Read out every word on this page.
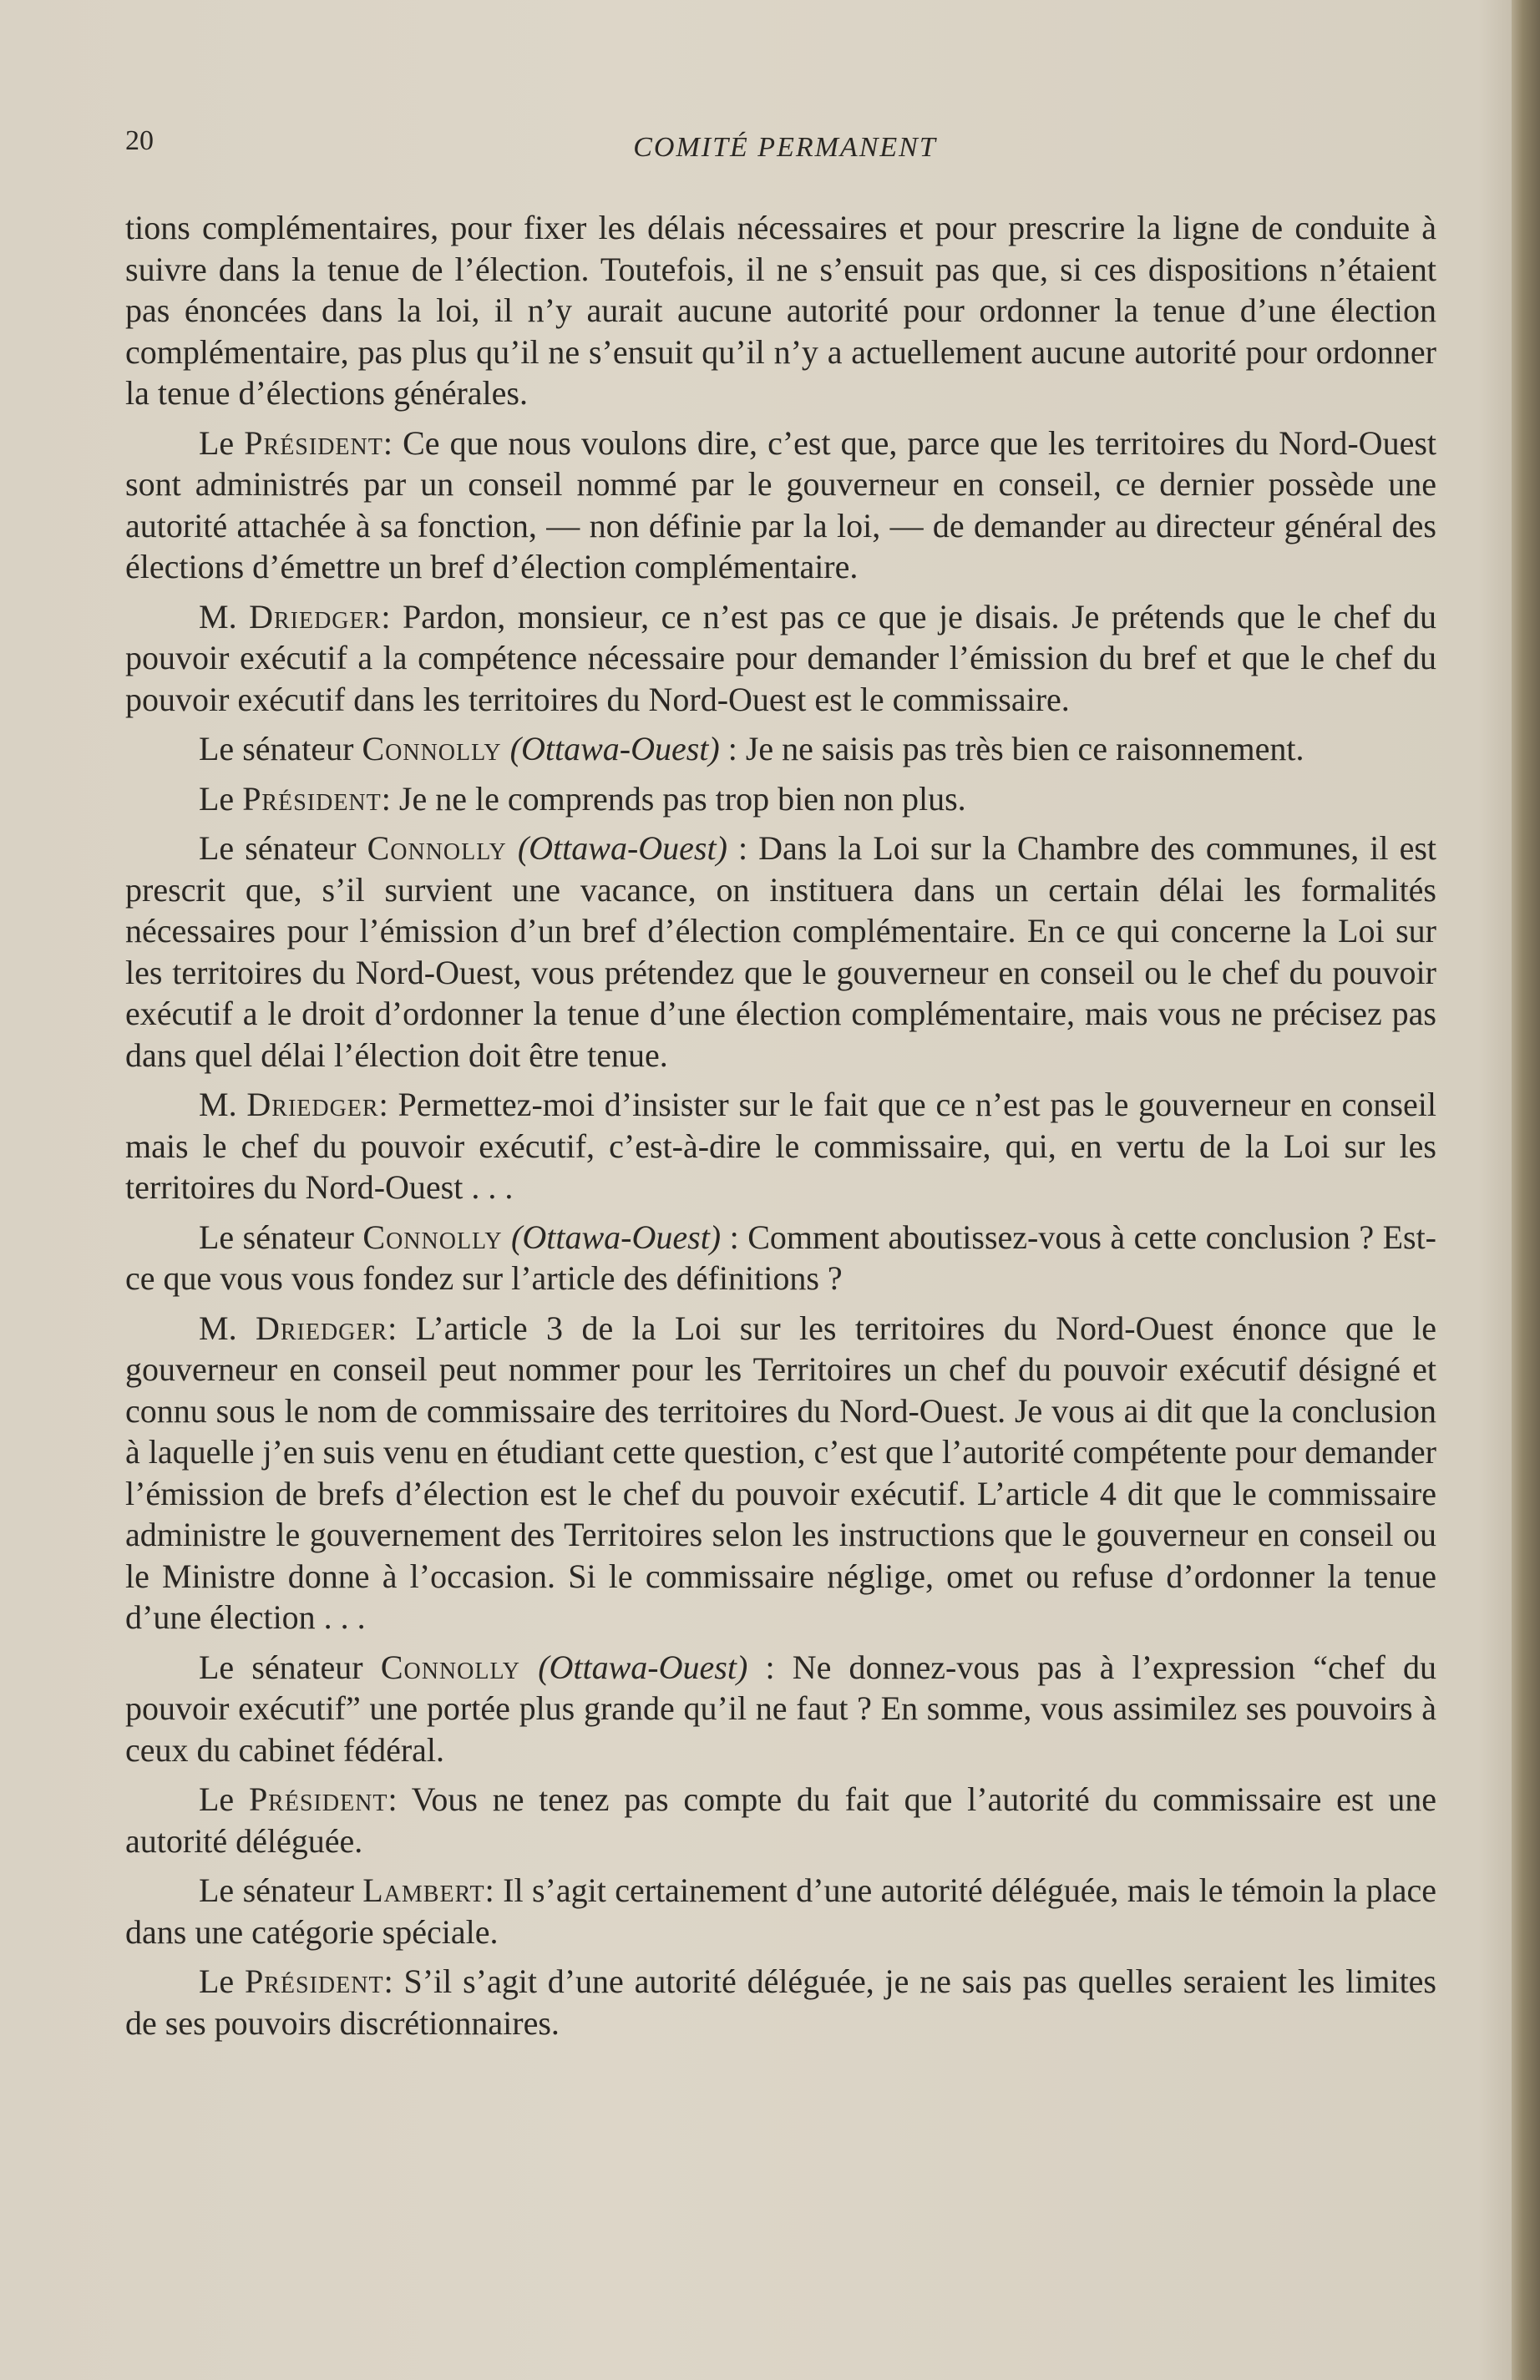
20	COMITÉ PERMANENT

tions complémentaires, pour fixer les délais nécessaires et pour prescrire la ligne de conduite à suivre dans la tenue de l’élection. Toutefois, il ne s’ensuit pas que, si ces dispositions n’étaient pas énoncées dans la loi, il n’y aurait aucune autorité pour ordonner la tenue d’une élection complémentaire, pas plus qu’il ne s’ensuit qu’il n’y a actuellement aucune autorité pour ordonner la tenue d’élections générales.

Le Président: Ce que nous voulons dire, c’est que, parce que les territoires du Nord-Ouest sont administrés par un conseil nommé par le gouverneur en conseil, ce dernier possède une autorité attachée à sa fonction, — non définie par la loi, — de demander au directeur général des élections d’émettre un bref d’élection complémentaire.

M. Driedger: Pardon, monsieur, ce n’est pas ce que je disais. Je prétends que le chef du pouvoir exécutif a la compétence nécessaire pour demander l’émission du bref et que le chef du pouvoir exécutif dans les territoires du Nord-Ouest est le commissaire.

Le sénateur Connolly (Ottawa-Ouest) : Je ne saisis pas très bien ce raisonnement.

Le Président: Je ne le comprends pas trop bien non plus.

Le sénateur Connolly (Ottawa-Ouest) : Dans la Loi sur la Chambre des communes, il est prescrit que, s’il survient une vacance, on instituera dans un certain délai les formalités nécessaires pour l’émission d’un bref d’élection complémentaire. En ce qui concerne la Loi sur les territoires du Nord-Ouest, vous prétendez que le gouverneur en conseil ou le chef du pouvoir exécutif a le droit d’ordonner la tenue d’une élection complémentaire, mais vous ne précisez pas dans quel délai l’élection doit être tenue.

M. Driedger: Permettez-moi d’insister sur le fait que ce n’est pas le gouverneur en conseil mais le chef du pouvoir exécutif, c’est-à-dire le commissaire, qui, en vertu de la Loi sur les territoires du Nord-Ouest . . .

Le sénateur Connolly (Ottawa-Ouest) : Comment aboutissez-vous à cette conclusion ? Est-ce que vous vous fondez sur l’article des définitions ?

M. Driedger: L’article 3 de la Loi sur les territoires du Nord-Ouest énonce que le gouverneur en conseil peut nommer pour les Territoires un chef du pouvoir exécutif désigné et connu sous le nom de commissaire des territoires du Nord-Ouest. Je vous ai dit que la conclusion à laquelle j’en suis venu en étudiant cette question, c’est que l’autorité compétente pour demander l’émission de brefs d’élection est le chef du pouvoir exécutif. L’article 4 dit que le commissaire administre le gouvernement des Territoires selon les instructions que le gouverneur en conseil ou le Ministre donne à l’occasion. Si le commissaire néglige, omet ou refuse d’ordonner la tenue d’une élection . . .

Le sénateur Connolly (Ottawa-Ouest) : Ne donnez-vous pas à l’expression “chef du pouvoir exécutif” une portée plus grande qu’il ne faut ? En somme, vous assimilez ses pouvoirs à ceux du cabinet fédéral.

Le Président: Vous ne tenez pas compte du fait que l’autorité du commissaire est une autorité déléguée.

Le sénateur Lambert: Il s’agit certainement d’une autorité déléguée, mais le témoin la place dans une catégorie spéciale.

Le Président: S’il s’agit d’une autorité déléguée, je ne sais pas quelles seraient les limites de ses pouvoirs discrétionnaires.
